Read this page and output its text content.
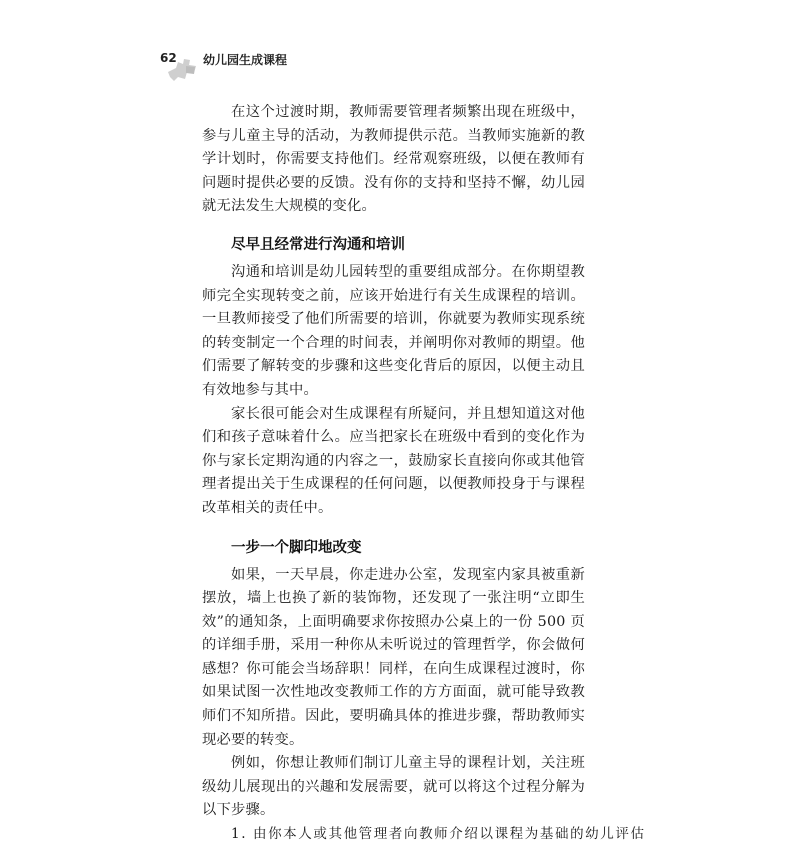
62 幼儿园生成课程

在这个过渡时期，教师需要管理者频繁出现在班级中，参与儿童主导的活动，为教师提供示范。当教师实施新的教学计划时，你需要支持他们。经常观察班级，以便在教师有问题时提供必要的反馈。没有你的支持和坚持不懈，幼儿园就无法发生大规模的变化。

尽早且经常进行沟通和培训

沟通和培训是幼儿园转型的重要组成部分。在你期望教师完全实现转变之前，应该开始进行有关生成课程的培训。一旦教师接受了他们所需要的培训，你就要为教师实现系统的转变制定一个合理的时间表，并阐明你对教师的期望。他们需要了解转变的步骤和这些变化背后的原因，以便主动且有效地参与其中。

家长很可能会对生成课程有所疑问，并且想知道这对他们和孩子意味着什么。应当把家长在班级中看到的变化作为你与家长定期沟通的内容之一，鼓励家长直接向你或其他管理者提出关于生成课程的任何问题，以便教师投身于与课程改革相关的责任中。

一步一个脚印地改变

如果，一天早晨，你走进办公室，发现室内家具被重新摆放，墙上也换了新的装饰物，还发现了一张注明“立即生效”的通知条，上面明确要求你按照办公桌上的一份 500 页的详细手册，采用一种你从未听说过的管理哲学，你会做何感想？你可能会当场辞职！同样，在向生成课程过渡时，你如果试图一次性地改变教师工作的方方面面，就可能导致教师们不知所措。因此，要明确具体的推进步骤，帮助教师实现必要的转变。

例如，你想让教师们制订儿童主导的课程计划，关注班级幼儿展现出的兴趣和发展需要，就可以将这个过程分解为以下步骤。

1. 由你本人或其他管理者向教师介绍以课程为基础的幼儿评估
